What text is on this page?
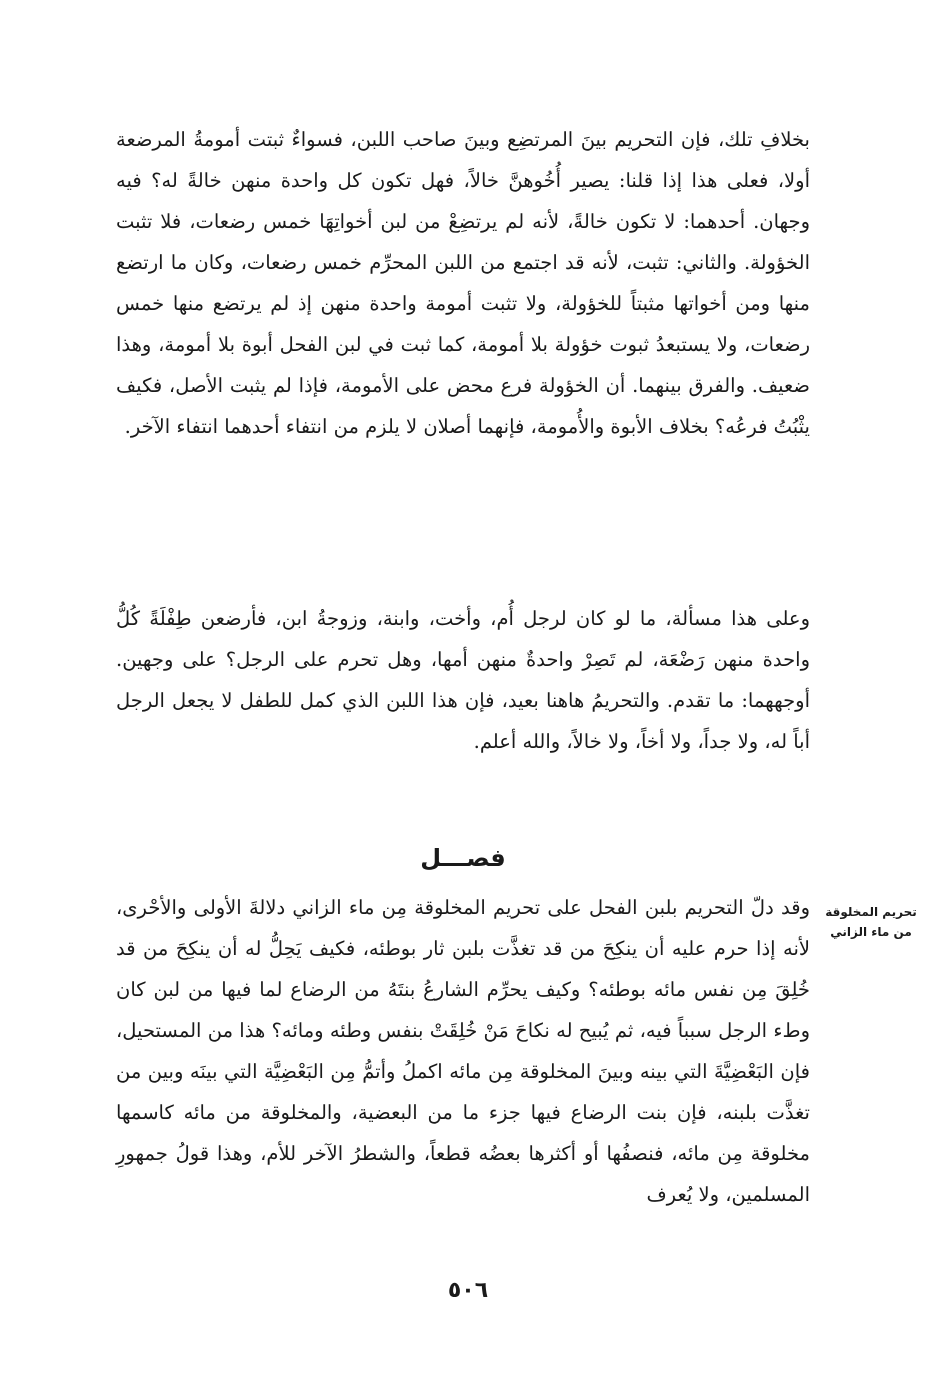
بخلافِ تلك، فإن التحريم بينَ المرتضِع وبينَ صاحب اللبن، فسواءٌ ثبتت أمومةُ المرضعة أولا، فعلى هذا إذا قلنا: يصير أُخُوهنَّ خالاً، فهل تكون كل واحدة منهن خالةً له؟ فيه وجهان. أحدهما: لا تكون خالةً، لأنه لم يرتضِعْ من لبن أخواتِهَا خمس رضعات، فلا تثبت الخؤولة. والثاني: تثبت، لأنه قد اجتمع من اللبن المحرِّم خمس رضعات، وكان ما ارتضع منها ومن أخواتها مثبتاً للخؤولة، ولا تثبت أمومة واحدة منهن إذ لم يرتضع منها خمس رضعات، ولا يستبعدُ ثبوت خؤولة بلا أمومة، كما ثبت في لبن الفحل أبوة بلا أمومة، وهذا ضعيف. والفرق بينهما. أن الخؤولة فرع محض على الأمومة، فإذا لم يثبت الأصل، فكيف يثْبُتُ فرعُه؟ بخلاف الأبوة والأُمومة، فإنهما أصلان لا يلزم من انتفاء أحدهما انتفاء الآخر.

وعلى هذا مسألة، ما لو كان لرجل أُم، وأخت، وابنة، وزوجةُ ابن، فأرضعن طِفْلَةً كُلُّ واحدة منهن رَضْعَة، لم تَصِرْ واحدةٌ منهن أمها، وهل تحرم على الرجل؟ على وجهين. أوجههما: ما تقدم. والتحريمُ هاهنا بعيد، فإن هذا اللبن الذي كمل للطفل لا يجعل الرجل أباً له، ولا جداً، ولا أخاً، ولا خالاً، والله أعلم.

فصـــل
تحريم المخلوقة من ماء الزاني

وقد دلّ التحريم بلبن الفحل على تحريم المخلوقة مِن ماء الزاني دلالةَ الأولى والأحْرى، لأنه إذا حرم عليه أن ينكِحَ من قد تغذَّت بلبن ثار بوطئه، فكيف يَحِلُّ له أن ينكِحَ من قد خُلِقَ مِن نفس مائه بوطئه؟ وكيف يحرِّم الشارعُ بنتَهُ من الرضاع لما فيها من لبن كان وطء الرجل سبباً فيه، ثم يُبيح له نكاحَ مَنْ خُلِقَتْ بنفس وطئه ومائه؟ هذا من المستحيل، فإن البَعْضِيَّةَ التي بينه وبينَ المخلوقة مِن مائه اكملُ وأتمُّ مِن البَعْضِيَّة التي بينَه وبين من تغذَّت بلبنه، فإن بنت الرضاع فيها جزء ما من البعضية، والمخلوقة من مائه كاسمها مخلوقة مِن مائه، فنصفُها أو أكثرها بعضُه قطعاً، والشطرُ الآخر للأم، وهذا قولُ جمهورِ المسلمين، ولا يُعرف

٥٠٦
